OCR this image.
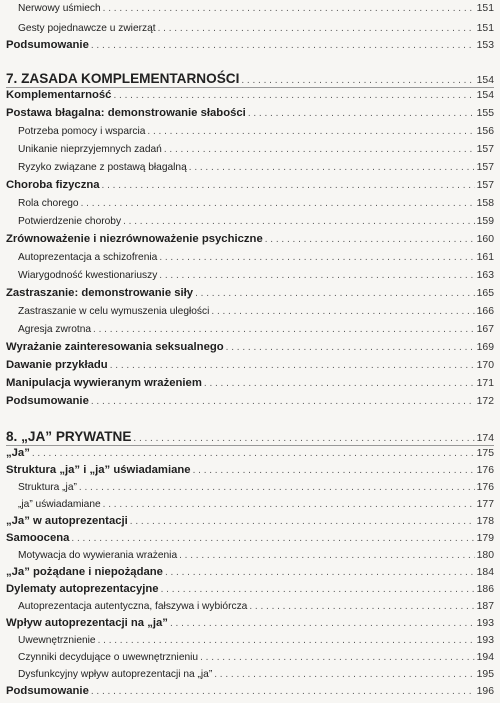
Nerwowy uśmiech . . .	151
Gesty pojednawcze u zwierząt . . .	151
Podsumowanie . . .	153
7. ZASADA KOMPLEMENTARNOŚCI . . .	154
Komplementarność . . .	154
Postawa błagalna: demonstrowanie słabości . . .	155
Potrzeba pomocy i wsparcia . . .	156
Unikanie nieprzyjemnych zadań . . .	157
Ryzyko związane z postawą błagalną . . .	157
Choroba fizyczna . . .	157
Rola chorego . . .	158
Potwierdzenie choroby . . .	159
Zrównoważenie i niezrównoważenie psychiczne . . .	160
Autoprezentacja a schizofrenia . . .	161
Wiarygodność kwestionariuszy . . .	163
Zastraszanie: demonstrowanie siły . . .	165
Zastraszanie w celu wymuszenia uległości . . .	166
Agresja zwrotna . . .	167
Wyrażanie zainteresowania seksualnego . . .	169
Dawanie przykładu . . .	170
Manipulacja wywieranym wrażeniem . . .	171
Podsumowanie . . .	172
8. „JA” PRYWATNE . . .	174
„Ja” . . .	175
Struktura „ja” i „ja” uświadamiane . . .	176
Struktura „ja” . . .	176
„ja” uświadamiane . . .	177
„Ja” w autoprezentacji . . .	178
Samoocena . . .	179
Motywacja do wywierania wrażenia . . .	180
„Ja” pożądane i niepożądane . . .	184
Dylematy autoprezentacyjne . . .	186
Autoprezentacja autentyczna, fałszywa i wybiórcza . . .	187
Wpływ autoprezentacji na „ja” . . .	193
Uwewnętrznienie . . .	193
Czynniki decydujące o uwewnętrznieniu . . .	194
Dysfunkcyjny wpływ autoprezentacji na „ja” . . .	195
Podsumowanie . . .	196
